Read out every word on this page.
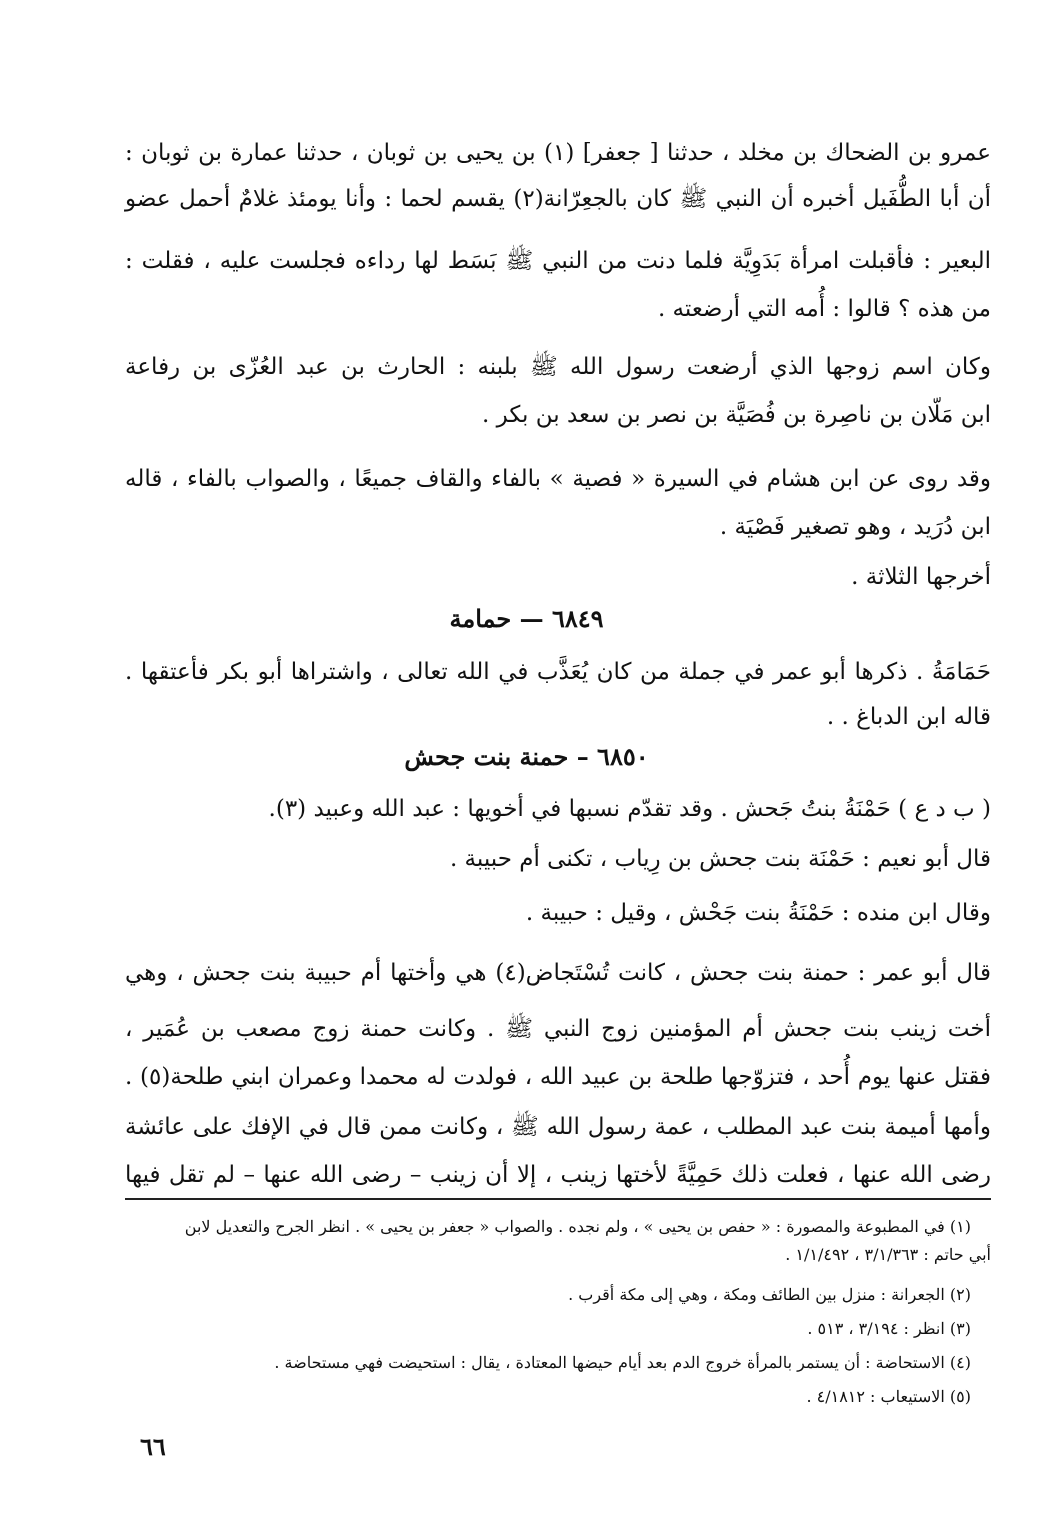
عمرو بن الضحاك بن مخلد ، حدثنا [ جعفر] (١) بن يحيى بن ثوبان ، حدثنا عمارة بن ثوبان :
أن أبا الطُّفَيل أخبره أن النبي ﷺ كان بالجعِرّانة(٢) يقسم لحما : وأنا يومئذ غلامٌ أحمل عضو
البعير : فأقبلت امرأة بَدَوِيَّة فلما دنت من النبي ﷺ بَسَط لها رداءه فجلست عليه ، فقلت :
من هذه ؟ قالوا : أُمه التي أرضعته .
وكان اسم زوجها الذي أرضعت رسول الله ﷺ بلبنه : الحارث بن عبد العُزّى بن رفاعة
ابن مَلّان بن ناصِرة بن فُصَيَّة بن نصر بن سعد بن بكر .
وقد روى عن ابن هشام في السيرة « فصية » بالفاء والقاف جميعًا ، والصواب بالفاء ، قاله
ابن دُرَيد ، وهو تصغير فَصْيَة .
أخرجها الثلاثة .
٦٨٤٩ — حمامة
حَمَامَةُ . ذكرها أبو عمر في جملة من كان يُعَذَّب في الله تعالى ، واشتراها أبو بكر فأعتقها .
قاله ابن الدباغ . .
٦٨٥٠ – حمنة بنت جحش
( ب د ع ) حَمْنَةُ بنتُ جَحش . وقد تقدّم نسبها في أخويها : عبد الله وعبيد (٣).
قال أبو نعيم : حَمْنَة بنت جحش بن رِياب ، تكنى أم حبيبة .
وقال ابن منده : حَمْنَةُ بنت جَحْش ، وقيل : حبيبة .
قال أبو عمر : حمنة بنت جحش ، كانت تُسْتَجاض(٤) هي وأختها أم حبيبة بنت جحش ، وهي
أخت زينب بنت جحش أم المؤمنين زوج النبي ﷺ . وكانت حمنة زوج مصعب بن عُمَير ،
فقتل عنها يوم أُحد ، فتزوّجها طلحة بن عبيد الله ، فولدت له محمدا وعمران ابني طلحة(٥) .
وأمها أميمة بنت عبد المطلب ، عمة رسول الله ﷺ ، وكانت ممن قال في الإفك على عائشة
رضى الله عنها ، فعلت ذلك حَمِيَّةً لأختها زينب ، إلا أن زينب – رضى الله عنها – لم تقل فيها
(١) في المطبوعة والمصورة : « حفص بن يحيى » ، ولم نجده . والصواب « جعفر بن يحيى » . انظر الجرح والتعديل لابن
أبي حاتم : ٣/١/٣٦٣ ، ١/١/٤٩٢ .
(٢) الجعرانة : منزل بين الطائف ومكة ، وهي إلى مكة أقرب .
(٣) انظر : ٣/١٩٤ ، ٥١٣ .
(٤) الاستحاضة : أن يستمر بالمرأة خروج الدم بعد أيام حيضها المعتادة ، يقال : استحيضت فهي مستحاضة .
(٥) الاستيعاب : ٤/١٨١٢ .
٦٦
